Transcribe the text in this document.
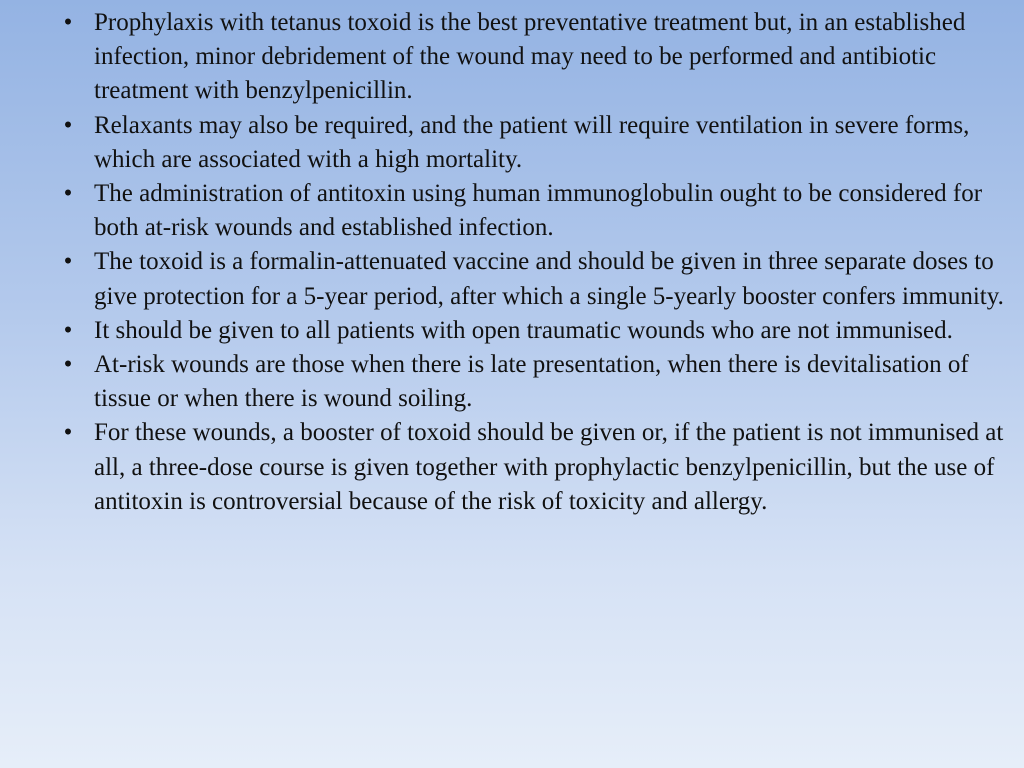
• Prophylaxis with tetanus toxoid is the best preventative treatment but, in an established infection, minor debridement of the wound may need to be performed and antibiotic treatment with benzylpenicillin.
• Relaxants may also be required, and the patient will require ventilation in severe forms, which are associated with a high mortality.
• The administration of antitoxin using human immunoglobulin ought to be considered for both at-risk wounds and established infection.
• The toxoid is a formalin-attenuated vaccine and should be given in three separate doses to give protection for a 5-year period, after which a single 5-yearly booster confers immunity.
• It should be given to all patients with open traumatic wounds who are not immunised.
• At-risk wounds are those when there is late presentation, when there is devitalisation of tissue or when there is wound soiling.
• For these wounds, a booster of toxoid should be given or, if the patient is not immunised at all, a three-dose course is given together with prophylactic benzylpenicillin, but the use of antitoxin is controversial because of the risk of toxicity and allergy.
